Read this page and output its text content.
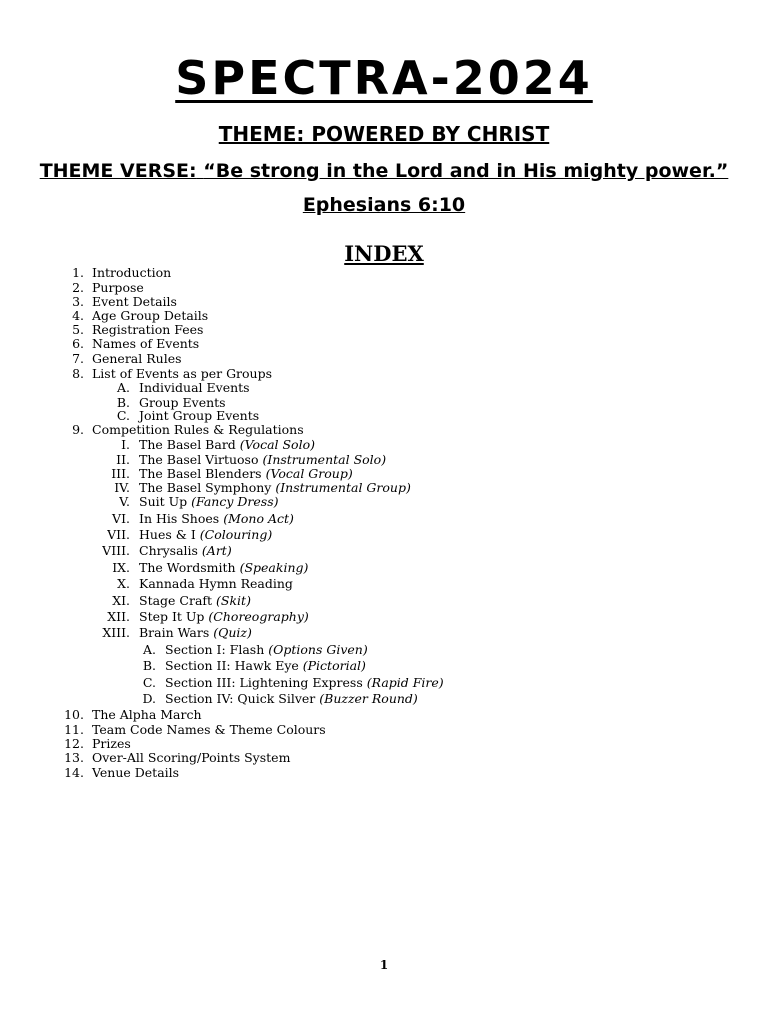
SPECTRA-2024
THEME: POWERED BY CHRIST
THEME VERSE: “Be strong in the Lord and in His mighty power.”
Ephesians 6:10
INDEX
1. Introduction
2. Purpose
3. Event Details
4. Age Group Details
5. Registration Fees
6. Names of Events
7. General Rules
8. List of Events as per Groups
A. Individual Events
B. Group Events
C. Joint Group Events
9. Competition Rules & Regulations
I. The Basel Bard (Vocal Solo)
II. The Basel Virtuoso (Instrumental Solo)
III. The Basel Blenders (Vocal Group)
IV. The Basel Symphony (Instrumental Group)
V. Suit Up (Fancy Dress)
VI. In His Shoes (Mono Act)
VII. Hues & I (Colouring)
VIII. Chrysalis (Art)
IX. The Wordsmith (Speaking)
X. Kannada Hymn Reading
XI. Stage Craft (Skit)
XII. Step It Up (Choreography)
XIII. Brain Wars (Quiz)
A. Section I: Flash (Options Given)
B. Section II: Hawk Eye (Pictorial)
C. Section III: Lightening Express (Rapid Fire)
D. Section IV: Quick Silver (Buzzer Round)
10. The Alpha March
11. Team Code Names & Theme Colours
12. Prizes
13. Over-All Scoring/Points System
14. Venue Details
1
